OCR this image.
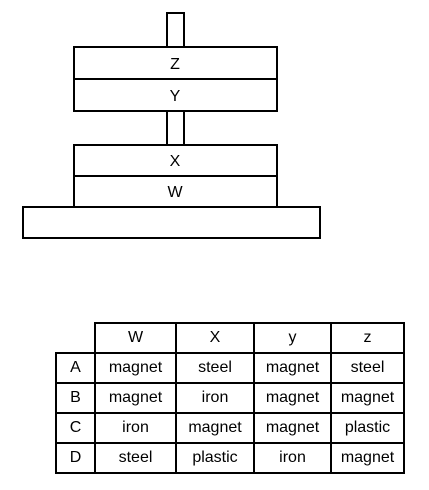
Z
Y
X
W
	W	X	y	z
A	magnet	steel	magnet	steel
B	magnet	iron	magnet	magnet
C	iron	magnet	magnet	plastic
D	steel	plastic	iron	magnet
